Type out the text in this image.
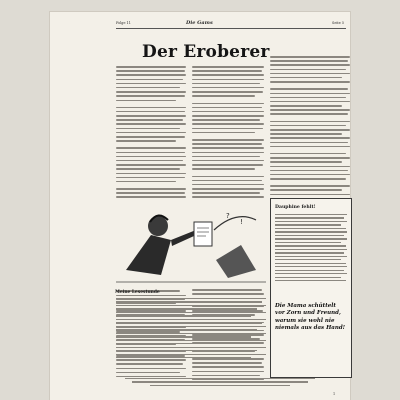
Folge 11	Die Gams	Seite 5
Der Eroberer
?
!
Meine Lesestunde
Dauphine fehlt!
Die Mama schüttelt vor Zorn und Freund, warum sie wohl nie niemals aus das Hand!
1
